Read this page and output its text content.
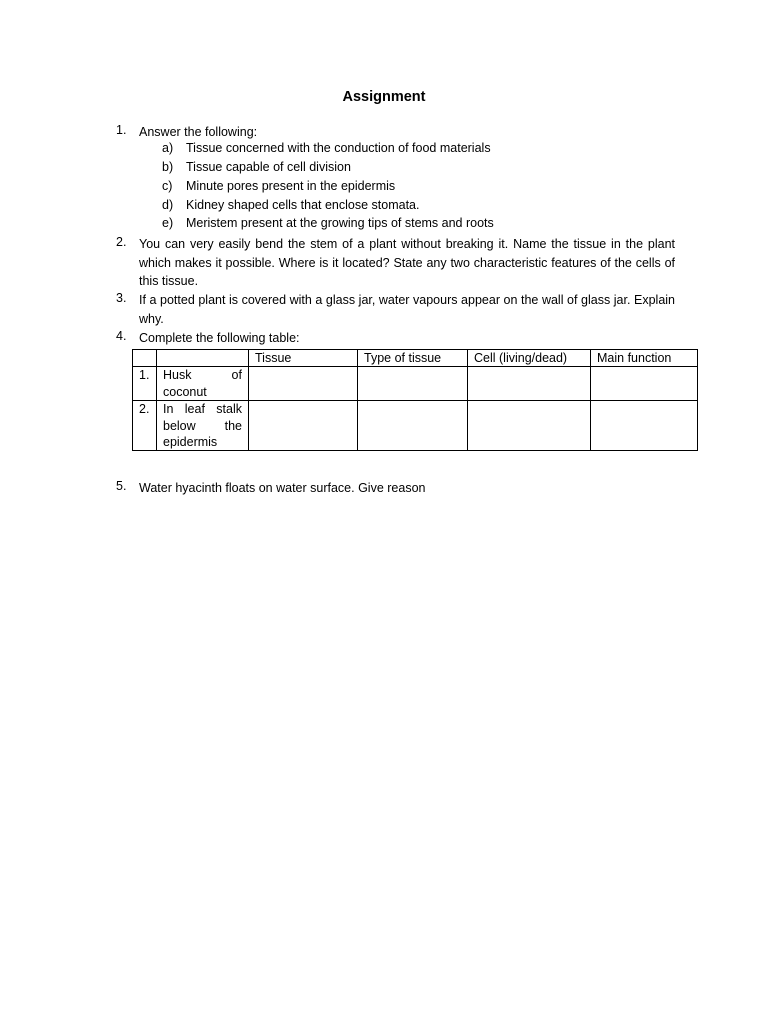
Assignment
1. Answer the following:
a) Tissue concerned with the conduction of food materials
b) Tissue capable of cell division
c) Minute pores present in the epidermis
d) Kidney shaped cells that enclose stomata.
e) Meristem present at the growing tips of stems and roots
2. You can very easily bend the stem of a plant without breaking it. Name the tissue in the plant which makes it possible. Where is it located? State any two characteristic features of the cells of this tissue.
3. If a potted plant is covered with a glass jar, water vapours appear on the wall of glass jar. Explain why.
4. Complete the following table:
		Tissue	Type of tissue	Cell (living/dead)	Main function
1.	Husk of coconut				
2.	In leaf stalk below the epidermis				
5. Water hyacinth floats on water surface. Give reason
